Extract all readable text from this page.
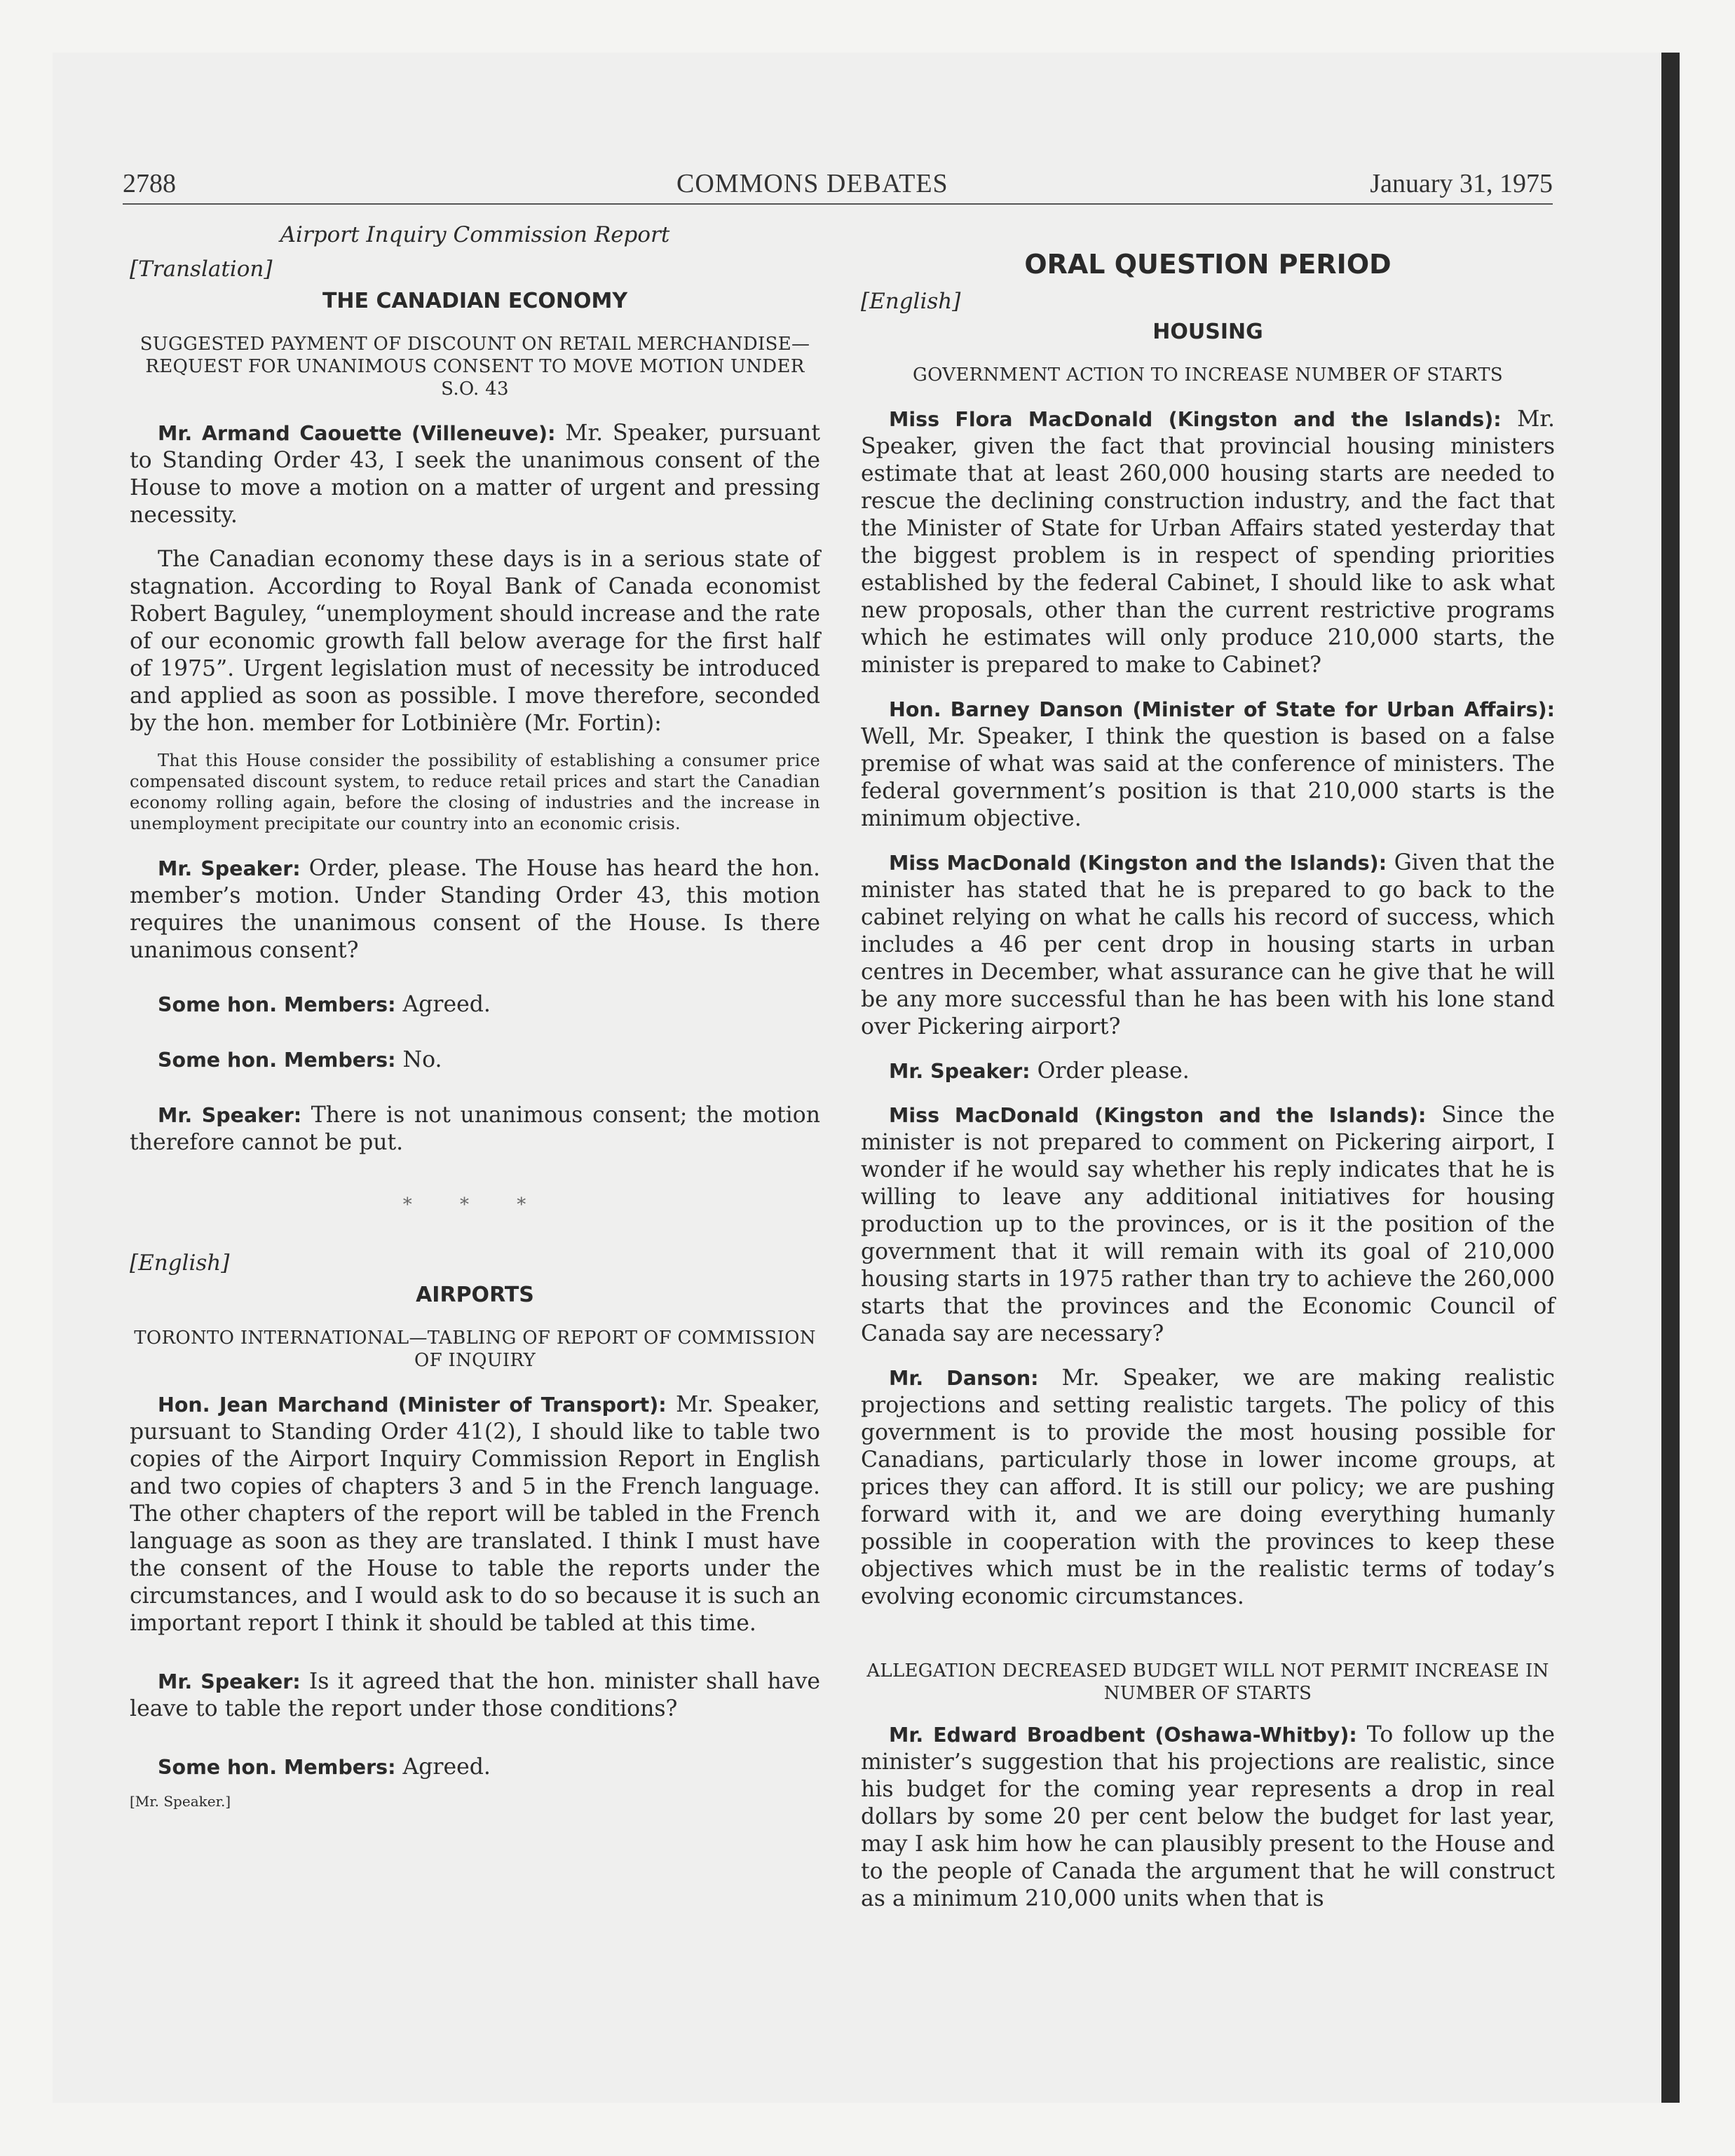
2788	COMMONS DEBATES	January 31, 1975

Airport Inquiry Commission Report

[Translation]

THE CANADIAN ECONOMY

SUGGESTED PAYMENT OF DISCOUNT ON RETAIL MERCHANDISE—REQUEST FOR UNANIMOUS CONSENT TO MOVE MOTION UNDER S.O. 43

Mr. Armand Caouette (Villeneuve): Mr. Speaker, pursuant to Standing Order 43, I seek the unanimous consent of the House to move a motion on a matter of urgent and pressing necessity.

The Canadian economy these days is in a serious state of stagnation. According to Royal Bank of Canada economist Robert Baguley, “unemployment should increase and the rate of our economic growth fall below average for the first half of 1975”. Urgent legislation must of necessity be introduced and applied as soon as possible. I move therefore, seconded by the hon. member for Lotbinière (Mr. Fortin):

That this House consider the possibility of establishing a consumer price compensated discount system, to reduce retail prices and start the Canadian economy rolling again, before the closing of industries and the increase in unemployment precipitate our country into an economic crisis.

Mr. Speaker: Order, please. The House has heard the hon. member’s motion. Under Standing Order 43, this motion requires the unanimous consent of the House. Is there unanimous consent?

Some hon. Members: Agreed.

Some hon. Members: No.

Mr. Speaker: There is not unanimous consent; the motion therefore cannot be put.

* * *

[English]

AIRPORTS

TORONTO INTERNATIONAL—TABLING OF REPORT OF COMMISSION OF INQUIRY

Hon. Jean Marchand (Minister of Transport): Mr. Speaker, pursuant to Standing Order 41(2), I should like to table two copies of the Airport Inquiry Commission Report in English and two copies of chapters 3 and 5 in the French language. The other chapters of the report will be tabled in the French language as soon as they are translated. I think I must have the consent of the House to table the reports under the circumstances, and I would ask to do so because it is such an important report I think it should be tabled at this time.

Mr. Speaker: Is it agreed that the hon. minister shall have leave to table the report under those conditions?

Some hon. Members: Agreed.

[Mr. Speaker.]

ORAL QUESTION PERIOD

[English]

HOUSING

GOVERNMENT ACTION TO INCREASE NUMBER OF STARTS

Miss Flora MacDonald (Kingston and the Islands): Mr. Speaker, given the fact that provincial housing ministers estimate that at least 260,000 housing starts are needed to rescue the declining construction industry, and the fact that the Minister of State for Urban Affairs stated yesterday that the biggest problem is in respect of spending priorities established by the federal Cabinet, I should like to ask what new proposals, other than the current restrictive programs which he estimates will only produce 210,000 starts, the minister is prepared to make to Cabinet?

Hon. Barney Danson (Minister of State for Urban Affairs): Well, Mr. Speaker, I think the question is based on a false premise of what was said at the conference of ministers. The federal government’s position is that 210,000 starts is the minimum objective.

Miss MacDonald (Kingston and the Islands): Given that the minister has stated that he is prepared to go back to the cabinet relying on what he calls his record of success, which includes a 46 per cent drop in housing starts in urban centres in December, what assurance can he give that he will be any more successful than he has been with his lone stand over Pickering airport?

Mr. Speaker: Order please.

Miss MacDonald (Kingston and the Islands): Since the minister is not prepared to comment on Pickering airport, I wonder if he would say whether his reply indicates that he is willing to leave any additional initiatives for housing production up to the provinces, or is it the position of the government that it will remain with its goal of 210,000 housing starts in 1975 rather than try to achieve the 260,000 starts that the provinces and the Economic Council of Canada say are necessary?

Mr. Danson: Mr. Speaker, we are making realistic projections and setting realistic targets. The policy of this government is to provide the most housing possible for Canadians, particularly those in lower income groups, at prices they can afford. It is still our policy; we are pushing forward with it, and we are doing everything humanly possible in cooperation with the provinces to keep these objectives which must be in the realistic terms of today’s evolving economic circumstances.

ALLEGATION DECREASED BUDGET WILL NOT PERMIT INCREASE IN NUMBER OF STARTS

Mr. Edward Broadbent (Oshawa-Whitby): To follow up the minister’s suggestion that his projections are realistic, since his budget for the coming year represents a drop in real dollars by some 20 per cent below the budget for last year, may I ask him how he can plausibly present to the House and to the people of Canada the argument that he will construct as a minimum 210,000 units when that is
